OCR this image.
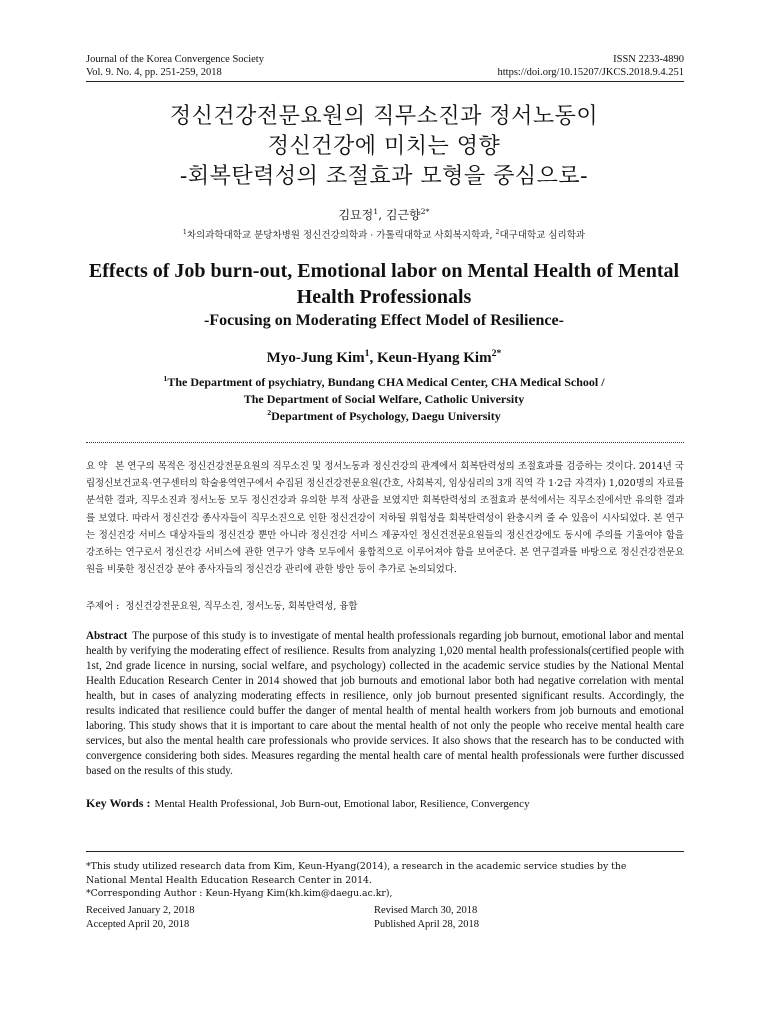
Journal of the Korea Convergence Society
Vol. 9. No. 4, pp. 251-259, 2018
ISSN 2233-4890
https://doi.org/10.15207/JKCS.2018.9.4.251
정신건강전문요원의 직무소진과 정서노동이
정신건강에 미치는 영향
-회복탄력성의 조절효과 모형을 중심으로-
김묘정$^1$, 김근향$^{2*}$
$^1$차의과학대학교 분당차병원 정신건강의학과 · 가톨릭대학교 사회복지학과, $^2$대구대학교 심리학과
Effects of Job burn-out, Emotional labor on Mental Health of Mental Health Professionals
-Focusing on Moderating Effect Model of Resilience-
Myo-Jung Kim$^1$, Keun-Hyang Kim$^{2*}$
$^1$The Department of psychiatry, Bundang CHA Medical Center, CHA Medical School /
The Department of Social Welfare, Catholic University
$^2$Department of Psychology, Daegu University
요 약 본 연구의 목적은 정신건강전문요원의 직무소진 및 정서노동과 정신건강의 관계에서 회복탄력성의 조절효과를 검증하는 것이다. 2014년 국립정신보건교육·연구센터의 학술용역연구에서 수집된 정신건강전문요원(간호, 사회복지, 임상심리의 3개 직역 각 1·2급 자격자) 1,020명의 자료를 분석한 결과, 직무소진과 정서노동 모두 정신건강과 유의한 부적 상관을 보였지만 회복탄력성의 조절효과 분석에서는 직무소진에서만 유의한 결과를 보였다. 따라서 정신건강 종사자들이 직무소진으로 인한 정신건강이 저하될 위험성을 회복탄력성이 완충시켜 줄 수 있음이 시사되었다. 본 연구는 정신건강 서비스 대상자들의 정신건강 뿐만 아니라 정신건강 서비스 제공자인 정신건전문요원들의 정신건강에도 동시에 주의를 기울여야 함을 강조하는 연구로서 정신건강 서비스에 관한 연구가 양측 모두에서 융합적으로 이루어져야 함을 보여준다. 본 연구결과를 바탕으로 정신건강전문요원을 비롯한 정신건강 분야 종사자들의 정신건강 관리에 관한 방안 등이 추가로 논의되었다.
주제어 : 정신건강전문요원, 직무소진, 정서노동, 회복탄력성, 융합
Abstract The purpose of this study is to investigate of mental health professionals regarding job burnout, emotional labor and mental health by verifying the moderating effect of resilience. Results from analyzing 1,020 mental health professionals(certified people with 1st, 2nd grade licence in nursing, social welfare, and psychology) collected in the academic service studies by the National Mental Health Education Research Center in 2014 showed that job burnouts and emotional labor both had negative correlation with mental health, but in cases of analyzing moderating effects in resilience, only job burnout presented significant results. Accordingly, the results indicated that resilience could buffer the danger of mental health of mental health workers from job burnouts and emotional laboring. This study shows that it is important to care about the mental health of not only the people who receive mental health care services, but also the mental health care professionals who provide services. It also shows that the research has to be conducted with convergence considering both sides. Measures regarding the mental health care of mental health professionals were further discussed based on the results of this study.
Key Words : Mental Health Professional, Job Burn-out, Emotional labor, Resilience, Convergency
*This study utilized research data from Kim, Keun-Hyang(2014), a research in the academic service studies by the
National Mental Health Education Research Center in 2014.
*Corresponding Author : Keun-Hyang Kim(kh.kim@daegu.ac.kr),
Received January 2, 2018	Revised March 30, 2018
Accepted April 20, 2018	Published April 28, 2018
